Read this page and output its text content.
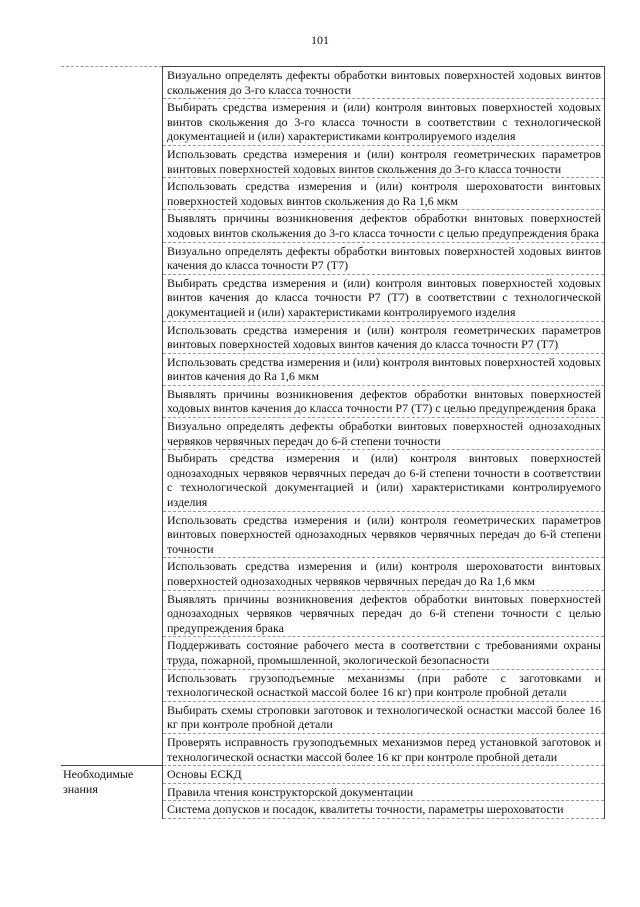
101
	Визуально определять дефекты обработки винтовых поверхностей ходовых винтов скольжения до 3-го класса точности
	Выбирать средства измерения и (или) контроля винтовых поверхностей ходовых винтов скольжения до 3-го класса точности в соответствии с технологической документацией и (или) характеристиками контролируемого изделия
	Использовать средства измерения и (или) контроля геометрических параметров винтовых поверхностей ходовых винтов скольжения до 3-го класса точности
	Использовать средства измерения и (или) контроля шероховатости винтовых поверхностей ходовых винтов скольжения до Ra 1,6 мкм
	Выявлять причины возникновения дефектов обработки винтовых поверхностей ходовых винтов скольжения до 3-го класса точности с целью предупреждения брака
	Визуально определять дефекты обработки винтовых поверхностей ходовых винтов качения до класса точности Р7 (Т7)
	Выбирать средства измерения и (или) контроля винтовых поверхностей ходовых винтов качения до класса точности Р7 (Т7) в соответствии с технологической документацией и (или) характеристиками контролируемого изделия
	Использовать средства измерения и (или) контроля геометрических параметров винтовых поверхностей ходовых винтов качения до класса точности Р7 (Т7)
	Использовать средства измерения и (или) контроля винтовых поверхностей ходовых винтов качения до Ra 1,6 мкм
	Выявлять причины возникновения дефектов обработки винтовых поверхностей ходовых винтов качения до класса точности Р7 (Т7) с целью предупреждения брака
	Визуально определять дефекты обработки винтовых поверхностей однозаходных червяков червячных передач до 6-й степени точности
	Выбирать средства измерения и (или) контроля винтовых поверхностей однозаходных червяков червячных передач до 6-й степени точности в соответствии с технологической документацией и (или) характеристиками контролируемого изделия
	Использовать средства измерения и (или) контроля геометрических параметров винтовых поверхностей однозаходных червяков червячных передач до 6-й степени точности
	Использовать средства измерения и (или) контроля шероховатости винтовых поверхностей однозаходных червяков червячных передач до Ra 1,6 мкм
	Выявлять причины возникновения дефектов обработки винтовых поверхностей однозаходных червяков червячных передач до 6-й степени точности с целью предупреждения брака
	Поддерживать состояние рабочего места в соответствии с требованиями охраны труда, пожарной, промышленной, экологической безопасности
	Использовать грузоподъемные механизмы (при работе с заготовками и технологической оснасткой массой более 16 кг) при контроле пробной детали
	Выбирать схемы строповки заготовок и технологической оснастки массой более 16 кг при контроле пробной детали
	Проверять исправность грузоподъемных механизмов перед установкой заготовок и технологической оснастки массой более 16 кг при контроле пробной детали
Необходимые знания	Основы ЕСКД
	Правила чтения конструкторской документации
	Система допусков и посадок, квалитеты точности, параметры шероховатости
